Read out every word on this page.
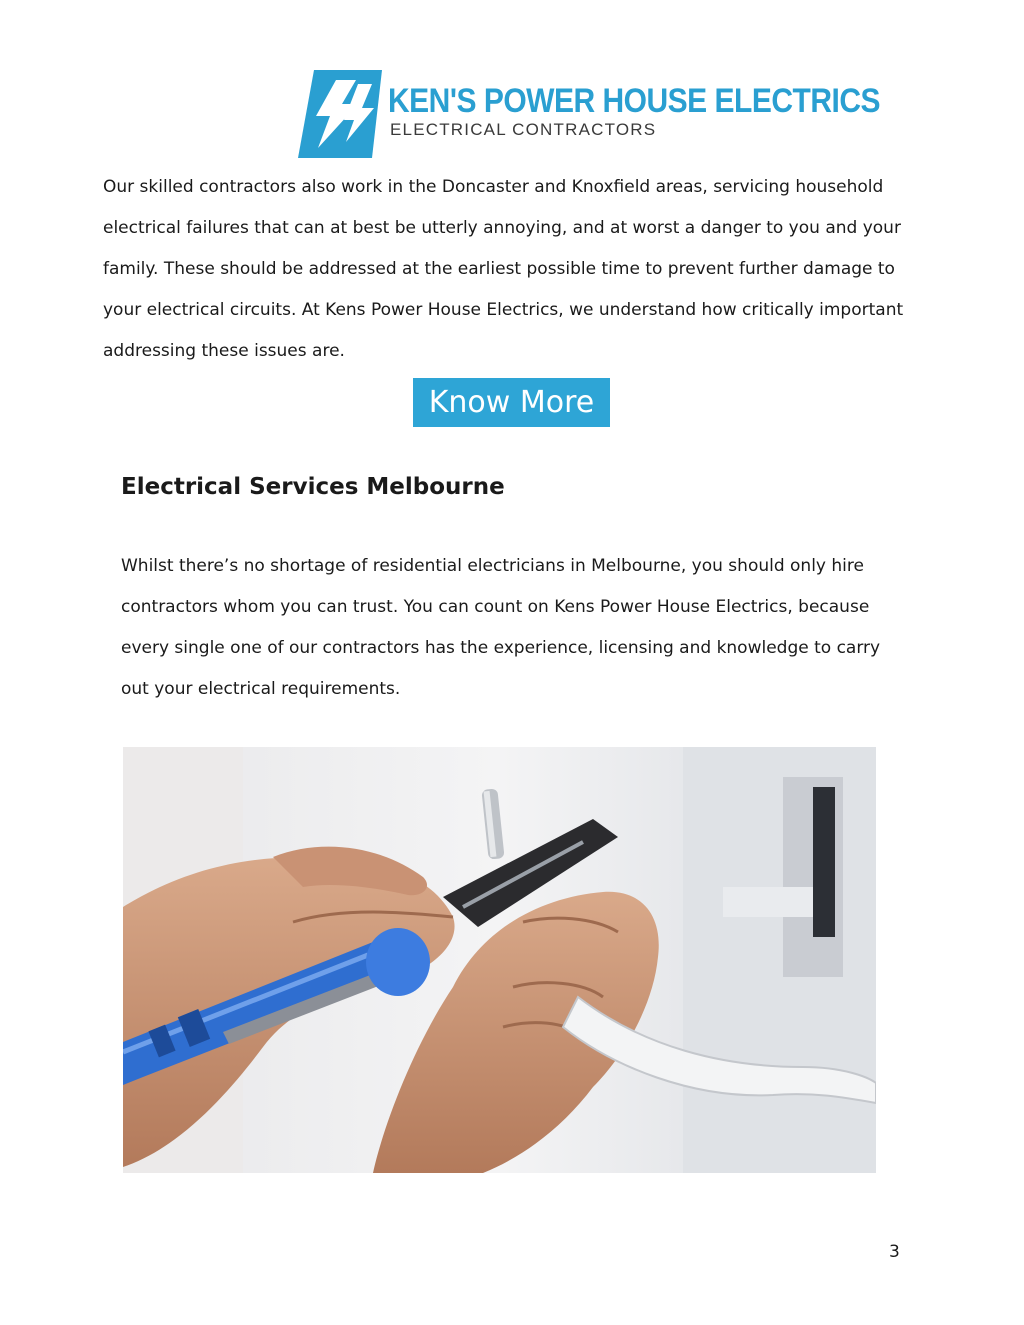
KEN'S POWER HOUSE ELECTRICS
ELECTRICAL CONTRACTORS

Our skilled contractors also work in the Doncaster and Knoxfield areas, servicing household electrical failures that can at best be utterly annoying, and at worst a danger to you and your family. These should be addressed at the earliest possible time to prevent further damage to your electrical circuits. At Kens Power House Electrics, we understand how critically important addressing these issues are.

Know More
Electrical Services Melbourne

Whilst there’s no shortage of residential electricians in Melbourne, you should only hire contractors whom you can trust. You can count on Kens Power House Electrics, because every single one of our contractors has the experience, licensing and knowledge to carry out your electrical requirements.

3
